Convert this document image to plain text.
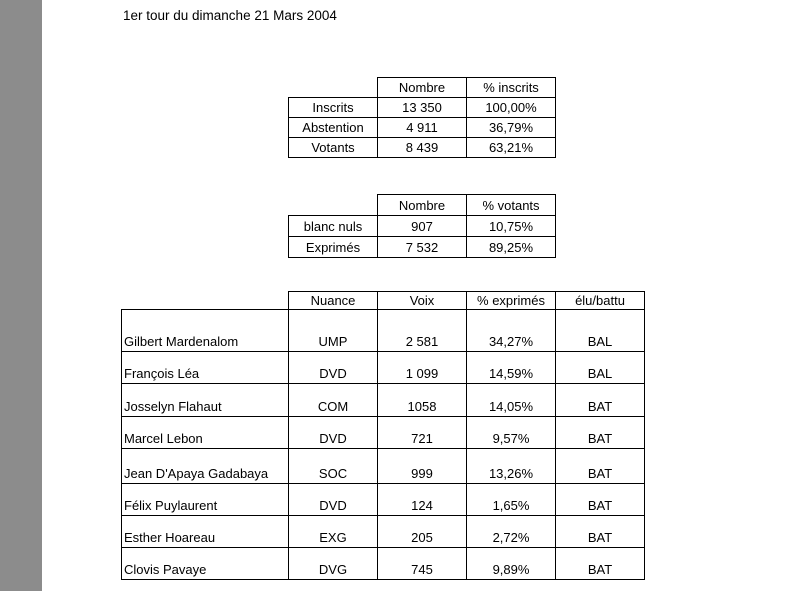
1er tour du dimanche 21 Mars 2004
	Nombre	% inscrits
Inscrits	13 350	100,00%
Abstention	4 911	36,79%
Votants	8 439	63,21%
	Nombre	% votants
blanc nuls	907	10,75%
Exprimés	7 532	89,25%
	Nuance	Voix	% exprimés	élu/battu
Gilbert Mardenalom	UMP	2 581	34,27%	BAL
François Léa	DVD	1 099	14,59%	BAL
Josselyn Flahaut	COM	1058	14,05%	BAT
Marcel Lebon	DVD	721	9,57%	BAT
Jean D'Apaya Gadabaya	SOC	999	13,26%	BAT
Félix Puylaurent	DVD	124	1,65%	BAT
Esther Hoareau	EXG	205	2,72%	BAT
Clovis Pavaye	DVG	745	9,89%	BAT
